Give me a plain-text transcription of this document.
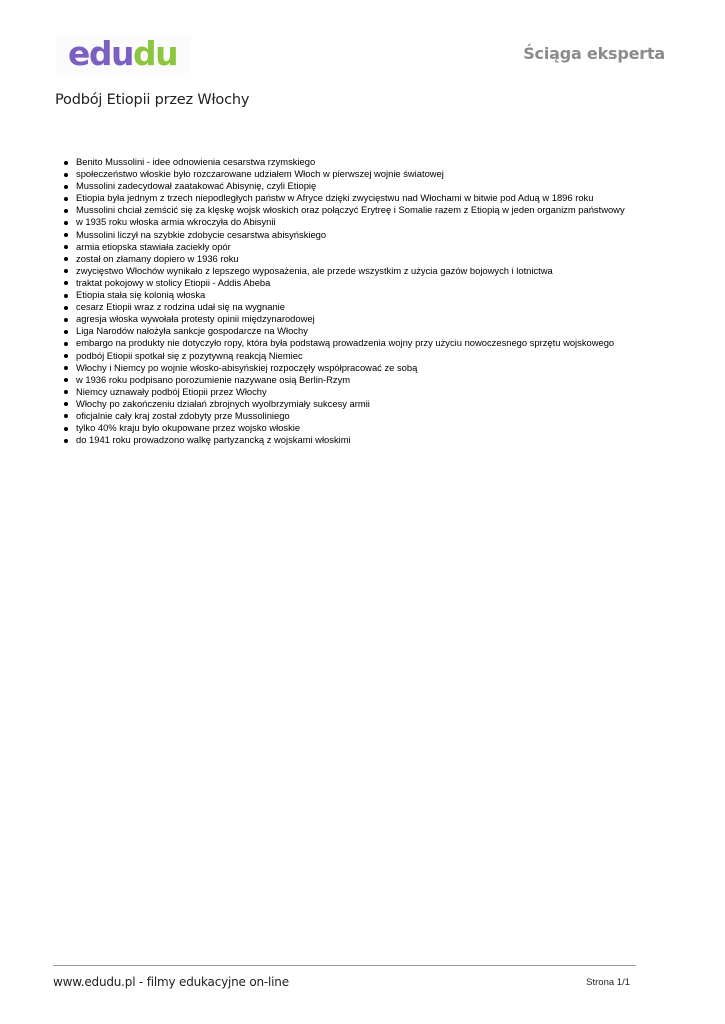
edudu	Ściąga eksperta
Podbój Etiopii przez Włochy
Benito Mussolini - idee odnowienia cesarstwa rzymskiego
społeczeństwo włoskie było rozczarowane udziałem Włoch w pierwszej wojnie światowej
Mussolini zadecydował zaatakować Abisynię, czyli Etiopię
Etiopia była jednym z trzech niepodległych państw w Afryce dzięki zwycięstwu nad Włochami w bitwie pod Aduą w 1896 roku
Mussolini chciał zemścić się za klęskę wojsk włoskich oraz połączyć Erytreę i Somalie razem z Etiopią w jeden organizm państwowy
w 1935 roku włoska armia wkroczyła do Abisynii
Mussolini liczył na szybkie zdobycie cesarstwa abisyńskiego
armia etiopska stawiała zaciekły opór
został on złamany dopiero w 1936 roku
zwycięstwo Włochów wynikało z lepszego wyposażenia, ale przede wszystkim z użycia gazów bojowych i lotnictwa
traktat pokojowy w stolicy Etiopii - Addis Abeba
Etiopia stała się kolonią włoska
cesarz Etiopii wraz z rodzina udał się na wygnanie
agresja włoska wywołała protesty opinii międzynarodowej
Liga Narodów nałożyła sankcje gospodarcze na Włochy
embargo na produkty nie dotyczyło ropy, która była podstawą prowadzenia wojny przy użyciu nowoczesnego sprzętu wojskowego
podbój Etiopii spotkał się z pozytywną reakcją Niemiec
Włochy i Niemcy po wojnie włosko-abisyńskiej rozpoczęły współpracować ze sobą
w 1936 roku podpisano porozumienie nazywane osią Berlin-Rzym
Niemcy uznawały podbój Etiopii przez Włochy
Włochy po zakończeniu działań zbrojnych wyolbrzymiały sukcesy armii
oficjalnie cały kraj został zdobyty prze Mussoliniego
tylko 40% kraju było okupowane przez wojsko włoskie
do 1941 roku prowadzono walkę partyzancką z wojskami włoskimi
www.edudu.pl - filmy edukacyjne on-line	Strona 1/1
